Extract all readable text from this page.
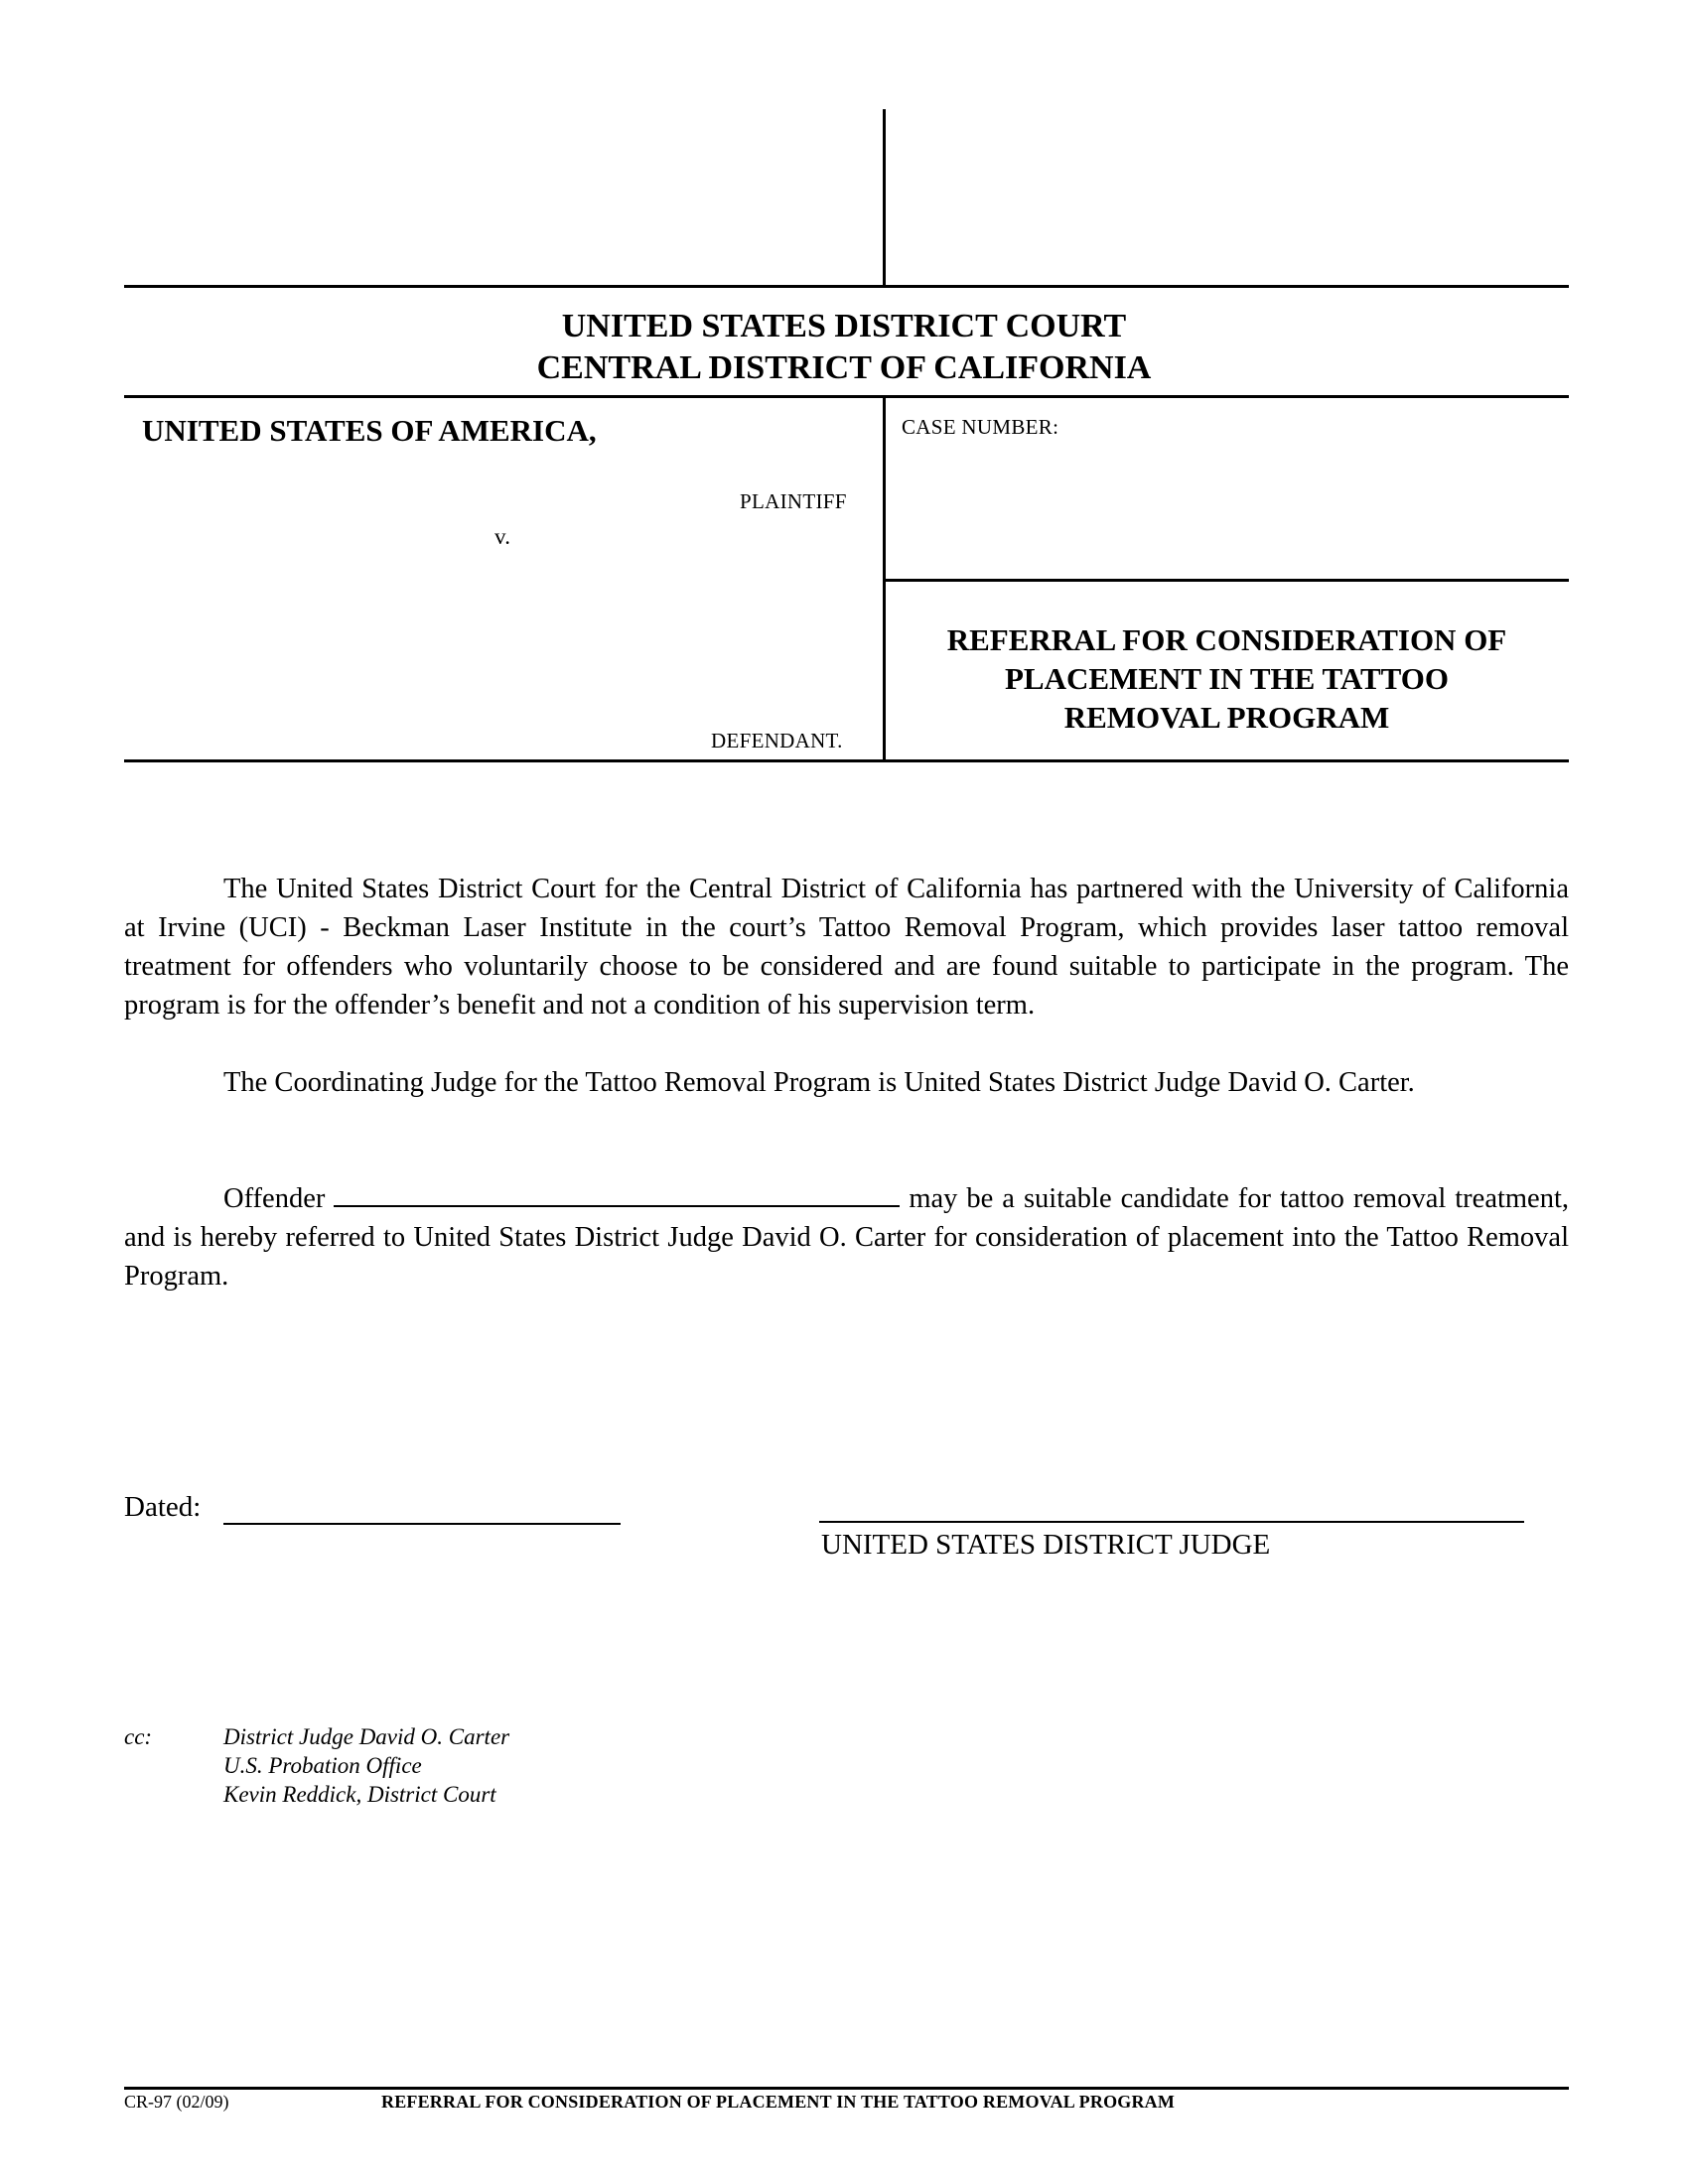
UNITED STATES DISTRICT COURT
CENTRAL DISTRICT OF CALIFORNIA
UNITED STATES OF AMERICA,
PLAINTIFF
v.
DEFENDANT.
CASE NUMBER:
REFERRAL FOR CONSIDERATION OF
PLACEMENT IN THE TATTOO
REMOVAL PROGRAM
The United States District Court for the Central District of California has partnered with the University of California at Irvine (UCI) - Beckman Laser Institute in the court’s Tattoo Removal Program, which provides laser tattoo removal treatment for offenders who voluntarily choose to be considered and are found suitable to participate in the program. The program is for the offender’s benefit and not a condition of his supervision term.
The Coordinating Judge for the Tattoo Removal Program is United States District Judge David O. Carter.
Offender	may be a suitable candidate for tattoo removal treatment, and is hereby referred to United States District Judge David O. Carter for consideration of placement into the Tattoo Removal Program.
Dated:
UNITED STATES DISTRICT JUDGE
cc:	District Judge David O. Carter
U.S. Probation Office
Kevin Reddick, District Court
CR-97 (02/09)	REFERRAL FOR CONSIDERATION OF PLACEMENT IN THE TATTOO REMOVAL PROGRAM
